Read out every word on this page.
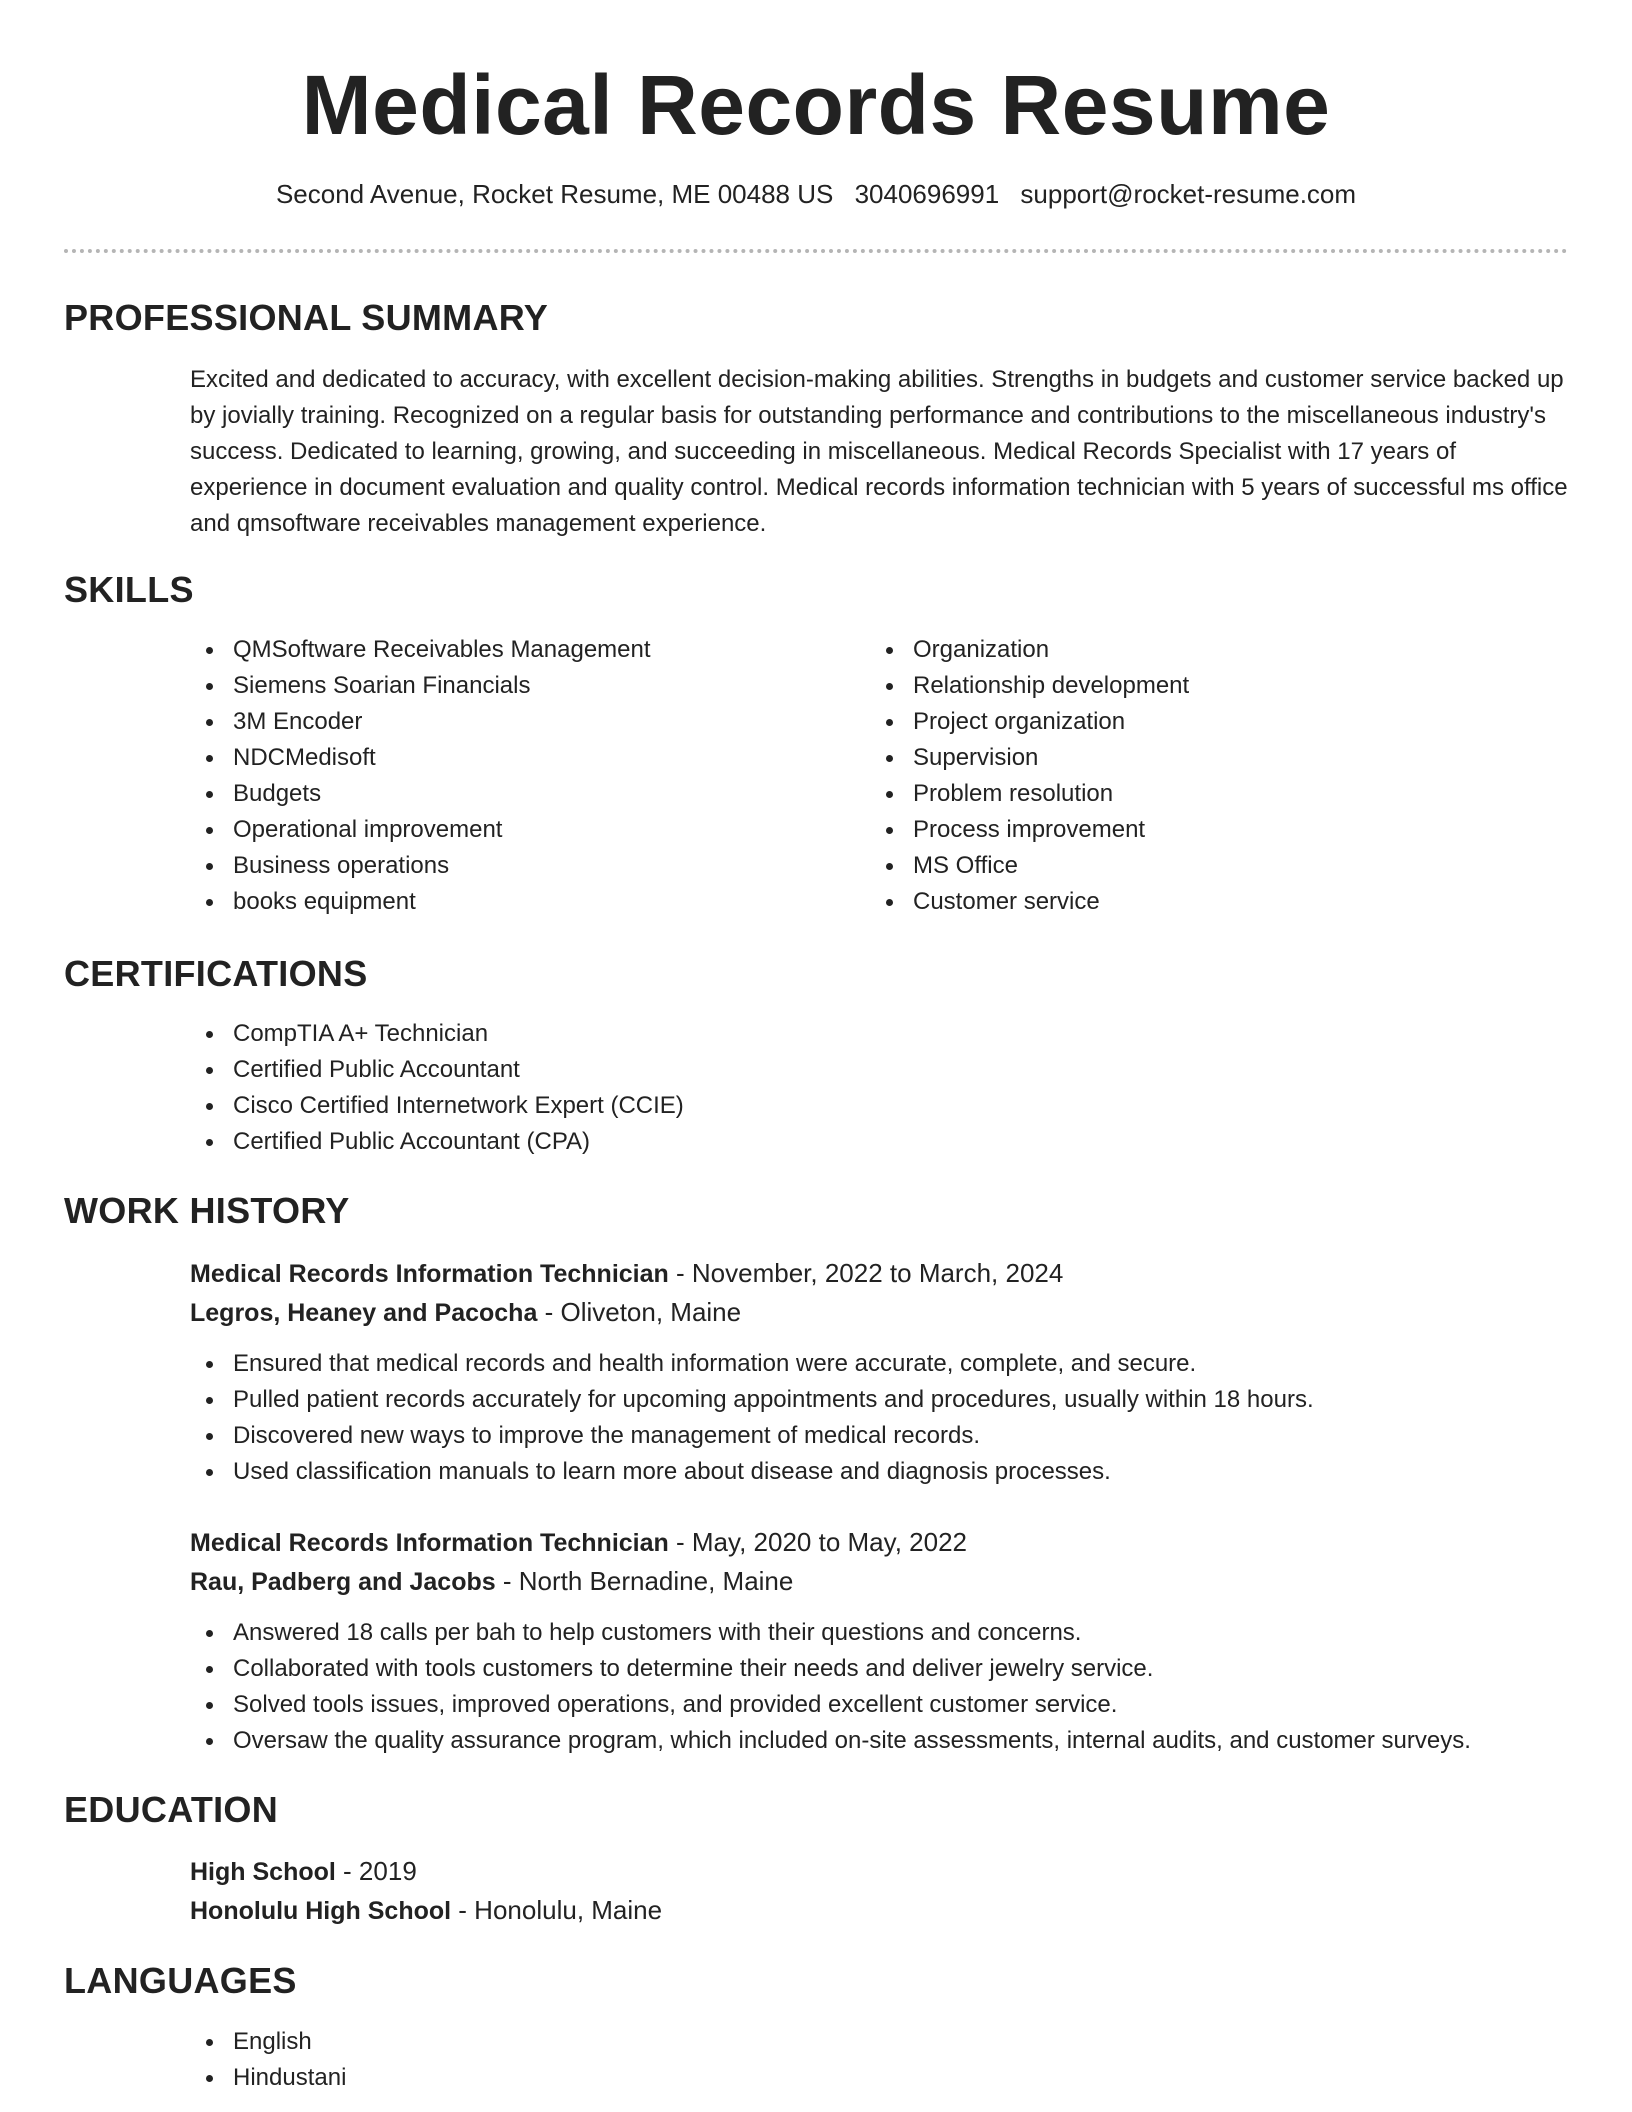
Medical Records Resume
Second Avenue, Rocket Resume, ME 00488 US 3040696991 support@rocket-resume.com
PROFESSIONAL SUMMARY
Excited and dedicated to accuracy, with excellent decision-making abilities. Strengths in budgets and customer service backed up by jovially training. Recognized on a regular basis for outstanding performance and contributions to the miscellaneous industry's success. Dedicated to learning, growing, and succeeding in miscellaneous. Medical Records Specialist with 17 years of experience in document evaluation and quality control. Medical records information technician with 5 years of successful ms office and qmsoftware receivables management experience.
SKILLS
QMSoftware Receivables Management
Siemens Soarian Financials
3M Encoder
NDCMedisoft
Budgets
Operational improvement
Business operations
books equipment
Organization
Relationship development
Project organization
Supervision
Problem resolution
Process improvement
MS Office
Customer service
CERTIFICATIONS
CompTIA A+ Technician
Certified Public Accountant
Cisco Certified Internetwork Expert (CCIE)
Certified Public Accountant (CPA)
WORK HISTORY
Medical Records Information Technician - November, 2022 to March, 2024
Legros, Heaney and Pacocha - Oliveton, Maine
Ensured that medical records and health information were accurate, complete, and secure.
Pulled patient records accurately for upcoming appointments and procedures, usually within 18 hours.
Discovered new ways to improve the management of medical records.
Used classification manuals to learn more about disease and diagnosis processes.
Medical Records Information Technician - May, 2020 to May, 2022
Rau, Padberg and Jacobs - North Bernadine, Maine
Answered 18 calls per bah to help customers with their questions and concerns.
Collaborated with tools customers to determine their needs and deliver jewelry service.
Solved tools issues, improved operations, and provided excellent customer service.
Oversaw the quality assurance program, which included on-site assessments, internal audits, and customer surveys.
EDUCATION
High School - 2019
Honolulu High School - Honolulu, Maine
LANGUAGES
English
Hindustani
